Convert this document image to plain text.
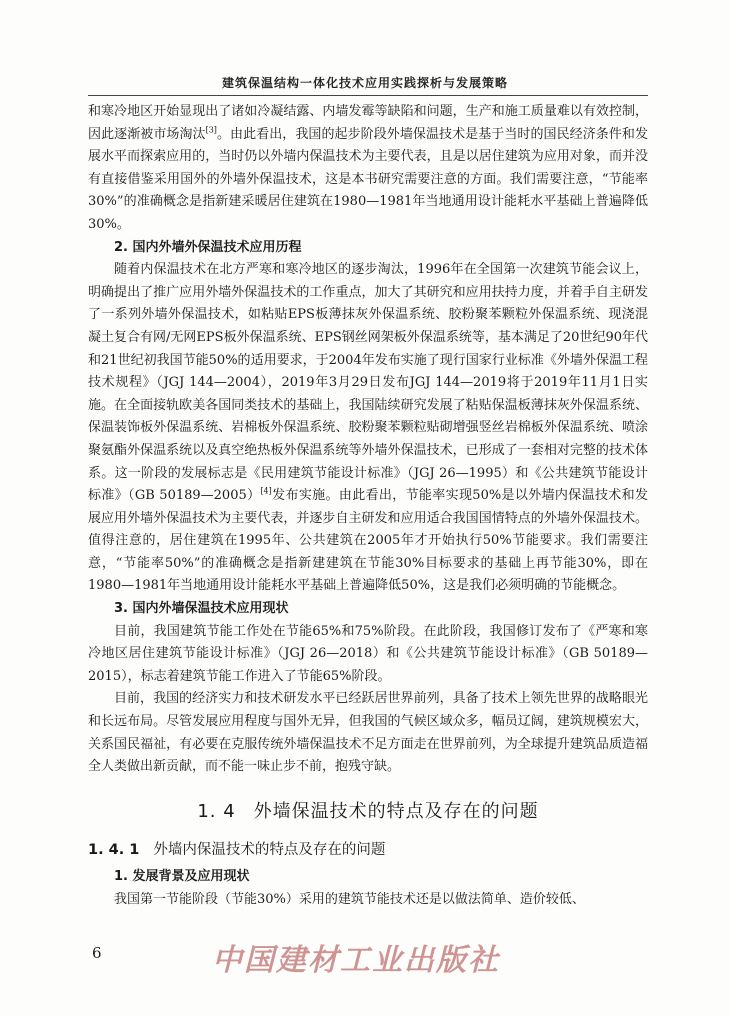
建筑保温结构一体化技术应用实践探析与发展策略

和寒冷地区开始显现出了诸如冷凝结露、内墙发霉等缺陷和问题，生产和施工质量难以有效控制，因此逐渐被市场淘汰[3]。由此看出，我国的起步阶段外墙保温技术是基于当时的国民经济条件和发展水平而探索应用的，当时仍以外墙内保温技术为主要代表，且是以居住建筑为应用对象，而并没有直接借鉴采用国外的外墙外保温技术，这是本书研究需要注意的方面。我们需要注意，“节能率30%”的准确概念是指新建采暖居住建筑在1980—1981年当地通用设计能耗水平基础上普遍降低30%。

2. 国内外墙外保温技术应用历程

随着内保温技术在北方严寒和寒冷地区的逐步淘汰，1996年在全国第一次建筑节能会议上，明确提出了推广应用外墙外保温技术的工作重点，加大了其研究和应用扶持力度，并着手自主研发了一系列外墙外保温技术，如粘贴EPS板薄抹灰外保温系统、胶粉聚苯颗粒外保温系统、现浇混凝土复合有网/无网EPS板外保温系统、EPS钢丝网架板外保温系统等，基本满足了20世纪90年代和21世纪初我国节能50%的适用要求，于2004年发布实施了现行国家行业标准《外墙外保温工程技术规程》（JGJ 144—2004），2019年3月29日发布JGJ 144—2019将于2019年11月1日实施。在全面接轨欧美各国同类技术的基础上，我国陆续研究发展了粘贴保温板薄抹灰外保温系统、保温装饰板外保温系统、岩棉板外保温系统、胶粉聚苯颗粒贴砌增强竖丝岩棉板外保温系统、喷涂聚氨酯外保温系统以及真空绝热板外保温系统等外墙外保温技术，已形成了一套相对完整的技术体系。这一阶段的发展标志是《民用建筑节能设计标准》（JGJ 26—1995）和《公共建筑节能设计标准》（GB 50189—2005）[4]发布实施。由此看出，节能率实现50%是以外墙内保温技术和发展应用外墙外保温技术为主要代表，并逐步自主研发和应用适合我国国情特点的外墙外保温技术。值得注意的，居住建筑在1995年、公共建筑在2005年才开始执行50%节能要求。我们需要注意，“节能率50%”的准确概念是指新建建筑在节能30%目标要求的基础上再节能30%，即在1980—1981年当地通用设计能耗水平基础上普遍降低50%，这是我们必须明确的节能概念。

3. 国内外墙保温技术应用现状

目前，我国建筑节能工作处在节能65%和75%阶段。在此阶段，我国修订发布了《严寒和寒冷地区居住建筑节能设计标准》（JGJ 26—2018）和《公共建筑节能设计标准》（GB 50189—2015），标志着建筑节能工作进入了节能65%阶段。

目前，我国的经济实力和技术研发水平已经跃居世界前列，具备了技术上领先世界的战略眼光和长远布局。尽管发展应用程度与国外无异，但我国的气候区域众多，幅员辽阔，建筑规模宏大，关系国民福祉，有必要在克服传统外墙保温技术不足方面走在世界前列，为全球提升建筑品质造福全人类做出新贡献，而不能一味止步不前，抱残守缺。

1. 4 外墙保温技术的特点及存在的问题
1. 4. 1 外墙内保温技术的特点及存在的问题

1. 发展背景及应用现状

我国第一节能阶段（节能30%）采用的建筑节能技术还是以做法简单、造价较低、

中国建材工业出版社
6
